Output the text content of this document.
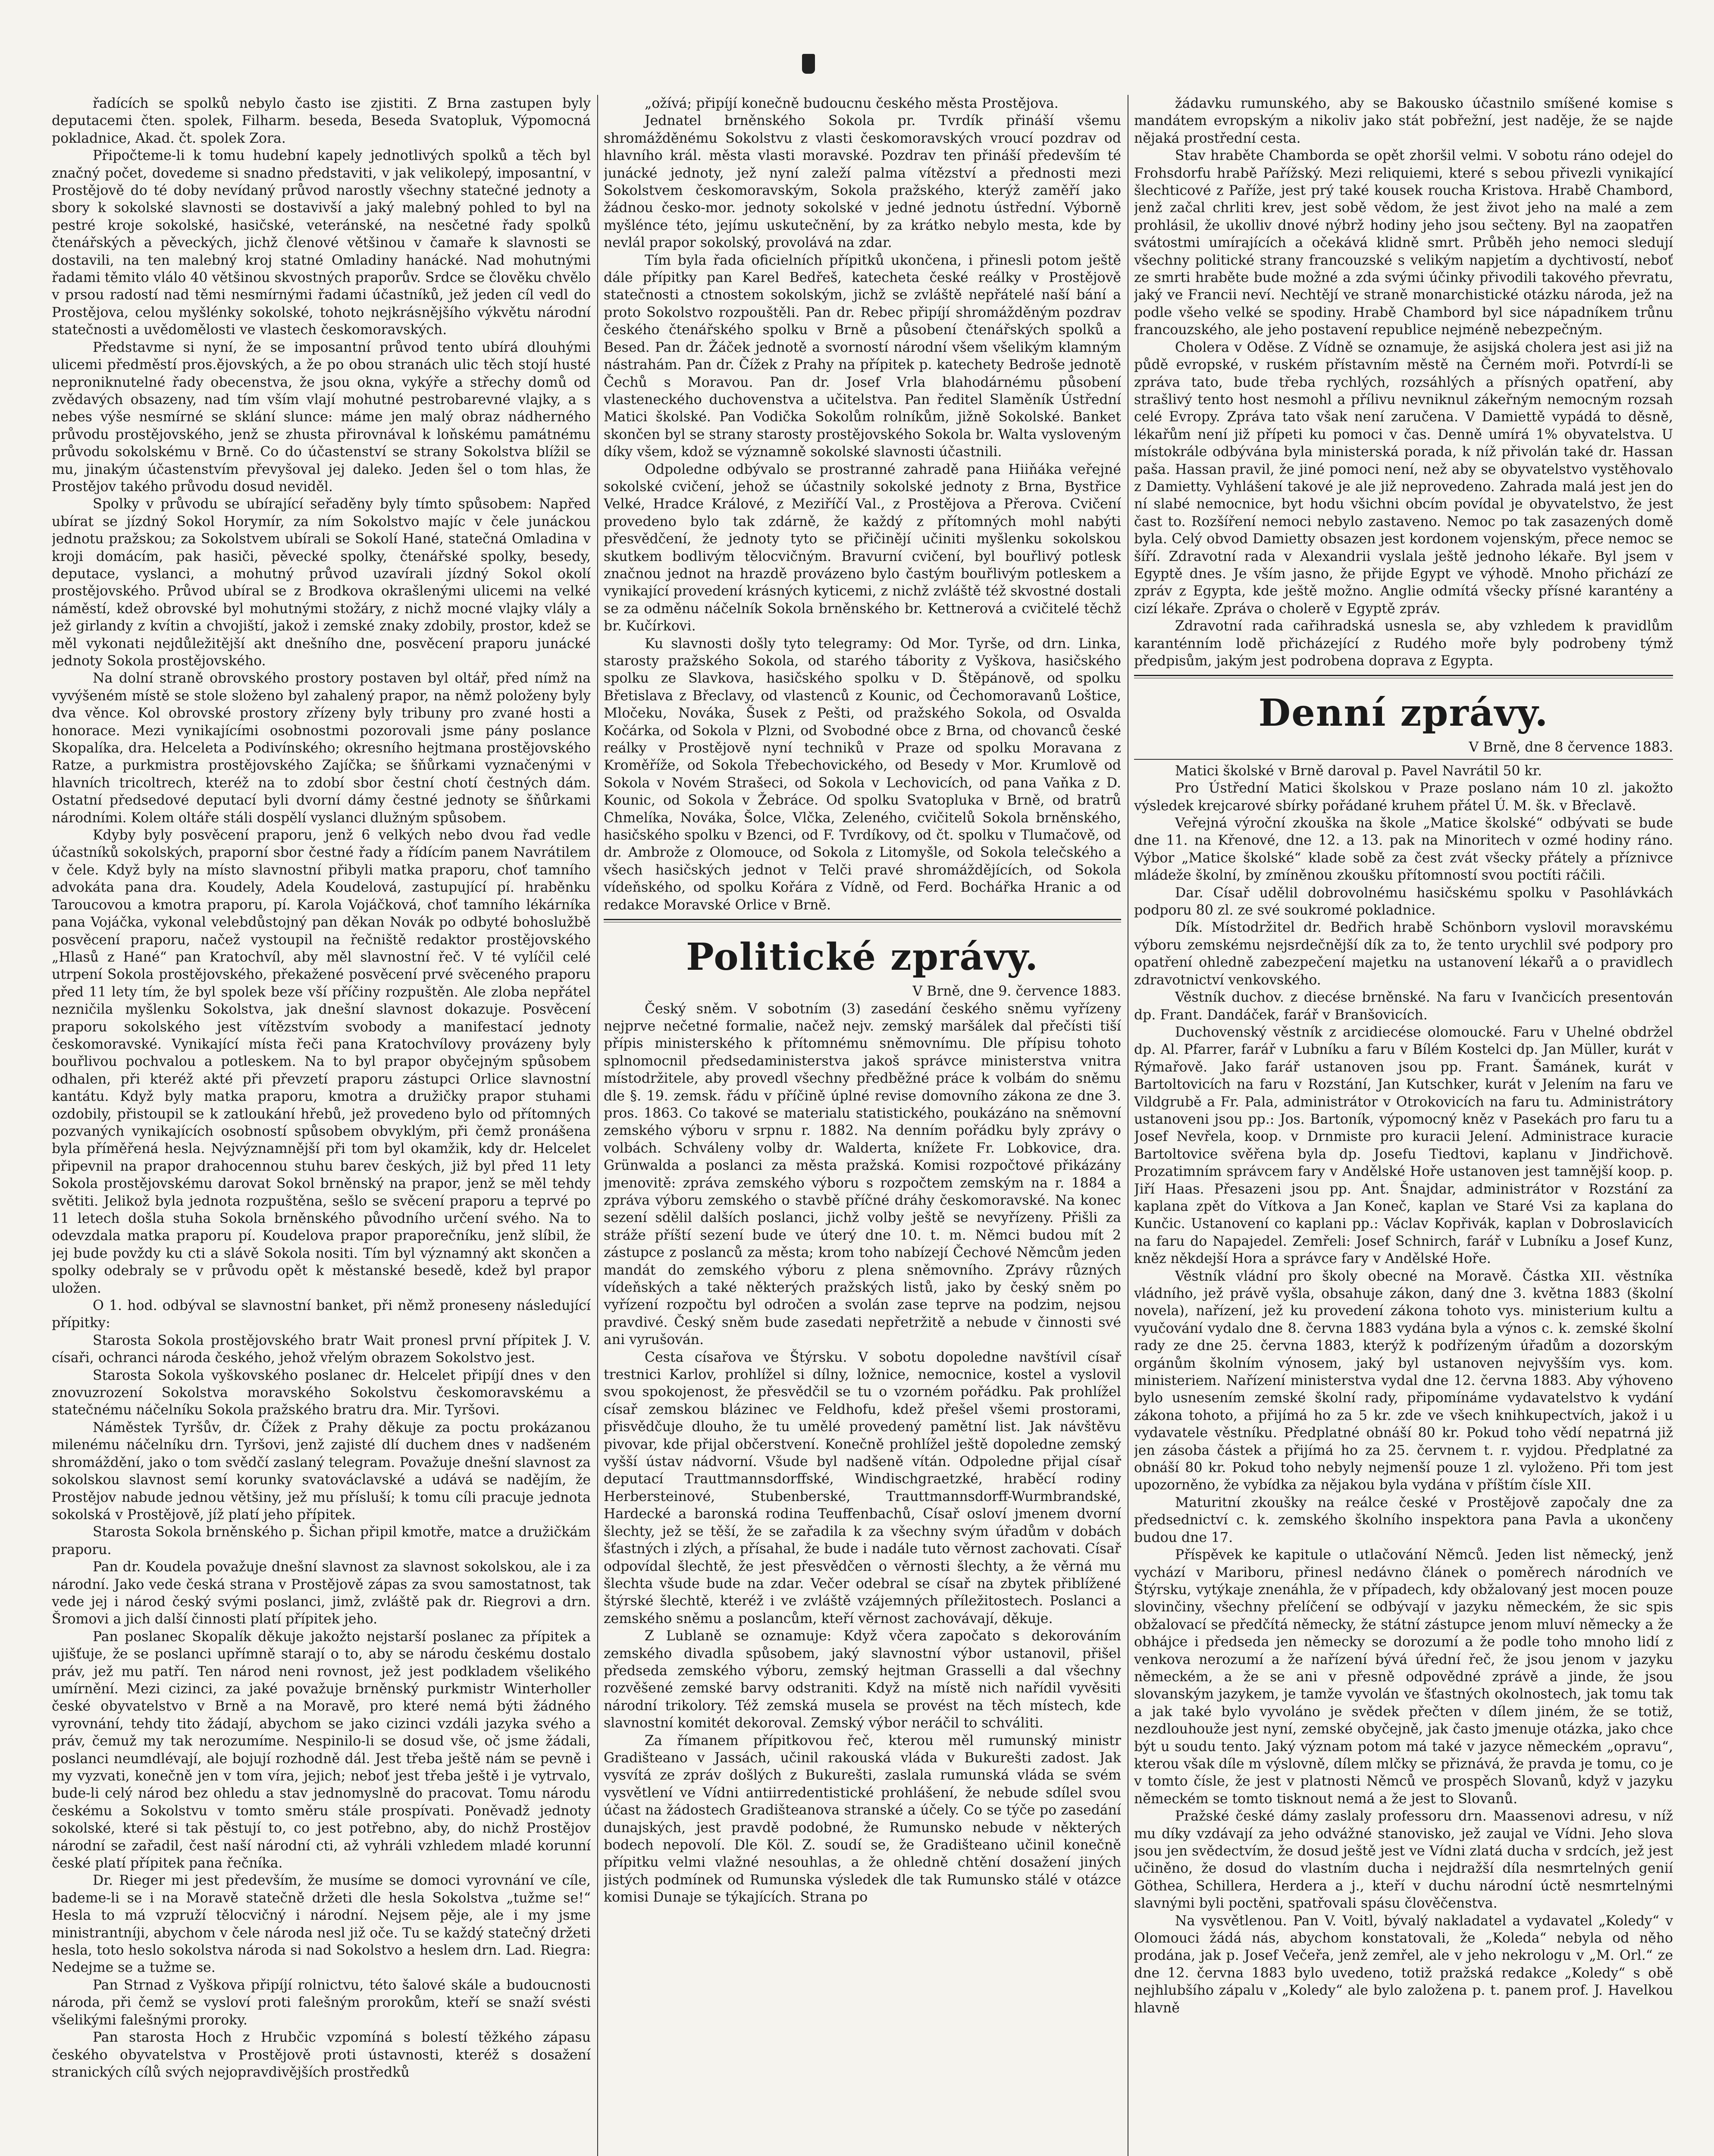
řadících se spolků nebylo často ise zjistiti. Z Brna zastupen byly deputacemi čten. spolek, Filharm. beseda, Beseda Svatopluk, Výpomocná pokladnice, Akad. čt. spolek Zora.

Připočteme-li k tomu hudební kapely jednotlivých spolků a těch byl značný počet, dovedeme si snadno představiti, v jak velikolepý, imposantní, v Prostějově do té doby nevídaný průvod narostly všechny statečné jednoty a sbory k sokolské slavnosti se dostavivší a jaký malebný pohled to byl na pestré kroje sokolské, hasičské, veteránské, na nesčetné řady spolků čtenářských a pěveckých, jichž členové většinou v čamaře k slavnosti se dostavili, na ten malebný kroj statné Omladiny hanácké. Nad mohutnými řadami těmito vlálo 40 většinou skvostných praporův. Srdce se člověku chvělo v prsou radostí nad těmi nesmírnými řadami účastníků, jež jeden cíl vedl do Prostějova, celou myšlénky sokolské, tohoto nejkrásnějšího výkvětu národní statečnosti a uvědomělosti ve vlastech českomoravských.

Představme si nyní, že se imposantní průvod tento ubírá dlouhými ulicemi předměstí pros.ějovských, a že po obou stranách ulic těch stojí husté neproniknutelné řady obecenstva, že jsou okna, vykýře a střechy domů od zvědavých obsazeny, nad tím vším vlají mohutné pestrobarevné vlajky, a s nebes výše nesmírné se sklání slunce: máme jen malý obraz nádherného průvodu prostějovského, jenž se zhusta přirovnával k loňskému památnému průvodu sokolskému v Brně. Co do účastenství se strany Sokolstva blížil se mu, jinakým účastenstvím převyšoval jej daleko. Jeden šel o tom hlas, že Prostějov takého průvodu dosud neviděl.

Spolky v průvodu se ubírající seřaděny byly tímto spůsobem: Napřed ubírat se jízdný Sokol Horymír, za ním Sokolstvo majíc v čele junáckou jednotu pražskou; za Sokolstvem ubírali se Sokolí Hané, statečná Omladina v kroji domácím, pak hasiči, pěvecké spolky, čtenářské spolky, besedy, deputace, vyslanci, a mohutný průvod uzavírali jízdný Sokol okolí prostějovského. Průvod ubíral se z Brodkova okrašlenými ulicemi na velké náměstí, kdež obrovské byl mohutnými stožáry, z nichž mocné vlajky vlály a jež girlandy z kvítin a chvojiští, jakož i zemské znaky zdobily, prostor, kdež se měl vykonati nejdůležitější akt dnešního dne, posvěcení praporu junácké jednoty Sokola prostějovského.

Na dolní straně obrovského prostory postaven byl oltář, před nímž na vyvýšeném místě se stole složeno byl zahalený prapor, na němž položeny byly dva věnce. Kol obrovské prostory zřízeny byly tribuny pro zvané hosti a honorace. Mezi vynikajícími osobnostmi pozorovali jsme pány poslance Skopalíka, dra. Helceleta a Podivínského; okresního hejtmana prostějovského Ratze, a purkmistra prostějovského Zajíčka; se šňůrkami vyznačenými v hlavních tricoltrech, kteréž na to zdobí sbor čestní chotí čestných dám. Ostatní předsedové deputací byli dvorní dámy čestné jednoty se šňůrkami národními. Kolem oltáře stáli dospělí vyslanci dlužným spůsobem.

Kdyby byly posvěcení praporu, jenž 6 velkých nebo dvou řad vedle účastníků sokolských, praporní sbor čestné řady a řídícím panem Navrátilem v čele. Když byly na místo slavnostní přibyli matka praporu, choť tamního advokáta pana dra. Koudely, Adela Koudelová, zastupující pí. hraběnku Taroucovou a kmotra praporu, pí. Karola Vojáčková, choť tamního lékárníka pana Vojáčka, vykonal velebdůstojný pan děkan Novák po odbyté bohoslužbě posvěcení praporu, načež vystoupil na řečniště redaktor prostějovského „Hlasů z Hané“ pan Kratochvíl, aby měl slavnostní řeč. V té vylíčil celé utrpení Sokola prostějovského, překažené posvěcení prvé svěceného praporu před 11 lety tím, že byl spolek beze vší příčiny rozpuštěn. Ale zloba nepřátel nezničila myšlenku Sokolstva, jak dnešní slavnost dokazuje. Posvěcení praporu sokolského jest vítězstvím svobody a manifestací jednoty českomoravské. Vynikající místa řeči pana Kratochvílovy provázeny byly bouřlivou pochvalou a potleskem. Na to byl prapor obyčejným spůsobem odhalen, při kteréž akté při převzetí praporu zástupci Orlice slavnostní kantátu. Když byly matka praporu, kmotra a družičky prapor stuhami ozdobily, přistoupil se k zatloukání hřebů, jež provedeno bylo od přítomných pozvaných vynikajících osobností spůsobem obvyklým, při čemž pronášena byla příměřená hesla. Nejvýznamnější při tom byl okamžik, kdy dr. Helcelet připevnil na prapor drahocennou stuhu barev českých, již byl před 11 lety Sokola prostějovskému darovat Sokol brněnský na prapor, jenž se měl tehdy světiti. Jelikož byla jednota rozpuštěna, sešlo se svěcení praporu a teprvé po 11 letech došla stuha Sokola brněnského původního určení svého. Na to odevzdala matka praporu pí. Koudelova prapor praporečníku, jenž slíbil, že jej bude povždy ku cti a slávě Sokola nositi. Tím byl významný akt skončen a spolky odebraly se v průvodu opět k městanské besedě, kdež byl prapor uložen.

O 1. hod. odbýval se slavnostní banket, při němž proneseny následující přípitky:

Starosta Sokola prostějovského bratr Wait pronesl první přípitek J. V. císaři, ochranci národa českého, jehož vřelým obrazem Sokolstvo jest.

Starosta Sokola vyškovského poslanec dr. Helcelet připíjí dnes v den znovuzrození Sokolstva moravského Sokolstvu českomoravskému a statečnému náčelníku Sokola pražského bratru dra. Mir. Tyršovi.

Náměstek Tyršův, dr. Čížek z Prahy děkuje za poctu prokázanou milenému náčelníku drn. Tyršovi, jenž zajisté dlí duchem dnes v nadšeném shromáždění, jako o tom svědčí zaslaný telegram. Považuje dnešní slavnost za sokolskou slavnost semí korunky svatováclavské a udává se nadějím, že Prostějov nabude jednou většiny, jež mu přísluší; k tomu cíli pracuje jednota sokolská v Prostějově, jíž platí jeho přípitek.

Starosta Sokola brněnského p. Šichan připil kmotře, matce a družičkám praporu.

Pan dr. Koudela považuje dnešní slavnost za slavnost sokolskou, ale i za národní. Jako vede česká strana v Prostějově zápas za svou samostatnost, tak vede jej i národ český svými poslanci, jimž, zvláště pak dr. Riegrovi a drn. Šromovi a jich další činnosti platí přípitek jeho.

Pan poslanec Skopalík děkuje jakožto nejstarší poslanec za přípitek a ujišťuje, že se poslanci upřímně starají o to, aby se národu českému dostalo práv, jež mu patří. Ten národ neni rovnost, jež jest podkladem všelikého umírnění. Mezi cizinci, za jaké považuje brněnský purkmistr Winterholler české obyvatelstvo v Brně a na Moravě, pro které nemá býti žádného vyrovnání, tehdy tito žádají, abychom se jako cizinci vzdáli jazyka svého a práv, čemuž my tak nerozumíme. Nespinilo-li se dosud vše, oč jsme žádali, poslanci neumdlévají, ale bojují rozhodně dál. Jest třeba ještě nám se pevně i my vyzvati, konečně jen v tom víra, jejich; neboť jest třeba ještě i je vytrvalo, bude-li celý národ bez ohledu a stav jednomyslně do pracovat. Tomu národu českému a Sokolstvu v tomto směru stále prospívati. Poněvadž jednoty sokolské, které si tak pěstují to, co jest potřebno, aby, do nichž Prostějov národní se zařadil, čest naší národní cti, až vyhráli vzhledem mladé korunní české platí přípitek pana řečníka.

Dr. Rieger mi jest především, že musíme se domoci vyrovnání ve cíle, bademe-li se i na Moravě statečně držeti dle hesla Sokolstva „tužme se!“ Hesla to má vzpruží tělocvičný i národní. Nejsem pěje, ale i my jsme ministrantníji, abychom v čele národa nesl již oče. Tu se každý statečný držeti hesla, toto heslo sokolstva národa si nad Sokolstvo a heslem drn. Lad. Riegra: Nedejme se a tužme se.

Pan Strnad z Vyškova připíjí rolnictvu, této šalové skále a budoucnosti národa, při čemž se vysloví proti falešným prorokům, kteří se snaží svésti všelikými falešnými proroky.

Pan starosta Hoch z Hrubčic vzpomíná s bolestí těžkého zápasu českého obyvatelstva v Prostějově proti ústavnosti, kteréž s dosažení stranických cílů svých nejopravdivějších prostředků

„ožívá; připíjí konečně budoucnu českého města Prostějova.

Jednatel brněnského Sokola pr. Tvrdík přináší všemu shromážděnému Sokolstvu z vlasti českomoravských vroucí pozdrav od hlavního král. města vlasti moravské. Pozdrav ten přináší především té junácké jednoty, jež nyní zaleží palma vítězství a přednosti mezi Sokolstvem českomoravským, Sokola pražského, kterýž zaměří jako žádnou česko-mor. jednoty sokolské v jedné jednotu ústřední. Výborně myšlénce této, jejímu uskutečnění, by za krátko nebylo mesta, kde by nevlál prapor sokolský, provolává na zdar.

Tím byla řada oficielních přípitků ukončena, i přinesli potom ještě dále přípitky pan Karel Bedřeš, katecheta české reálky v Prostějově statečnosti a ctnostem sokolským, jichž se zvláště nepřátelé naší bání a proto Sokolstvo rozpouštěli. Pan dr. Rebec připíjí shromážděným pozdrav českého čtenářského spolku v Brně a působení čtenářských spolků a Besed. Pan dr. Žáček jednotě a svorností národní všem všelikým klamným nástrahám. Pan dr. Čížek z Prahy na přípitek p. katechety Bedroše jednotě Čechů s Moravou. Pan dr. Josef Vrla blahodárnému působení vlasteneckého duchovenstva a učitelstva. Pan ředitel Slaměník Ústřední Matici školské. Pan Vodička Sokolům rolníkům, jižně Sokolské. Banket skončen byl se strany starosty prostějovského Sokola br. Walta vysloveným díky všem, kdož se významně sokolské slavnosti účastnili.

Odpoledne odbývalo se prostranné zahradě pana Hiiňáka veřejné sokolské cvičení, jehož se účastnily sokolské jednoty z Brna, Bystřice Velké, Hradce Králové, z Meziříčí Val., z Prostějova a Přerova. Cvičení provedeno bylo tak zdárně, že každý z přítomných mohl nabýti přesvědčení, že jednoty tyto se přičinějí učiniti myšlenku sokolskou skutkem bodlivým tělocvičným. Bravurní cvičení, byl bouřlivý potlesk značnou jednot na hrazdě provázeno bylo častým bouřlivým potleskem a vynikající provedení krásných kyticemi, z nichž zvláště též skvostné dostali se za odměnu náčelník Sokola brněnského br. Kettnerová a cvičitelé těchž br. Kučírkovi.

Ku slavnosti došly tyto telegramy: Od Mor. Tyrše, od drn. Linka, starosty pražského Sokola, od starého tábority z Vyškova, hasičského spolku ze Slavkova, hasičského spolku v D. Štěpánově, od spolku Břetislava z Břeclavy, od vlastenců z Kounic, od Čechomoravanů Loštice, Mločeku, Nováka, Šusek z Pešti, od pražského Sokola, od Osvalda Kočárka, od Sokola v Plzni, od Svobodné obce z Brna, od chovanců české reálky v Prostějově nyní techniků v Praze od spolku Moravana z Kroměříže, od Sokola Třebechovického, od Besedy v Mor. Krumlově od Sokola v Novém Strašeci, od Sokola v Lechovicích, od pana Vaňka z D. Kounic, od Sokola v Žebráce. Od spolku Svatopluka v Brně, od bratrů Chmelíka, Nováka, Šolce, Vlčka, Zeleného, cvičitelů Sokola brněnského, hasičského spolku v Bzenci, od F. Tvrdíkovy, od čt. spolku v Tlumačově, od dr. Ambrože z Olomouce, od Sokola z Litomyšle, od Sokola telečského a všech hasičských jednot v Telči pravé shromáždějících, od Sokola vídeňského, od spolku Kořára z Vídně, od Ferd. Bochářka Hranic a od redakce Moravské Orlice v Brně.

Politické zprávy.
V Brně, dne 9. července 1883.

Český sněm. V sobotním (3) zasedání českého sněmu vyřízeny nejprve nečetné formalie, načež nejv. zemský maršálek dal přečísti tiší přípis ministerského k přítomnému sněmovnímu. Dle přípisu tohoto splnomocnil předsedaministerstva jakoš správce ministerstva vnitra místodržitele, aby provedl všechny předběžné práce k volbám do sněmu dle §. 19. zemsk. řádu v příčině úplné revise domovního zákona ze dne 3. pros. 1863. Co takové se materialu statistického, poukázáno na sněmovní zemského výboru v srpnu r. 1882. Na denním pořádku byly zprávy o volbách. Schváleny volby dr. Walderta, knížete Fr. Lobkovice, dra. Grünwalda a poslanci za města pražská. Komisi rozpočtové přikázány jmenovitě: zpráva zemského výboru s rozpočtem zemským na r. 1884 a zpráva výboru zemského o stavbě příčné dráhy českomoravské. Na konec sezení sdělil dalších poslanci, jichž volby ještě se nevyřízeny. Přišli za stráže příští sezení bude ve úterý dne 10. t. m. Němci budou mít 2 zástupce z poslanců za města; krom toho nabízejí Čechové Němcům jeden mandát do zemského výboru z plena sněmovního. Zprávy různých vídeňských a také některých pražských listů, jako by český sněm po vyřízení rozpočtu byl odročen a svolán zase teprve na podzim, nejsou pravdivé. Český sněm bude zasedati nepřetržitě a nebude v činnosti své ani vyrušován.

Cesta císařova ve Štýrsku. V sobotu dopoledne navštívil císař trestnici Karlov, prohlížel si dílny, ložnice, nemocnice, kostel a vyslovil svou spokojenost, že přesvědčil se tu o vzorném pořádku. Pak prohlížel císař zemskou blázinec ve Feldhofu, kdež přešel všemi prostorami, přisvědčuje dlouho, že tu umělé provedený pamětní list. Jak návštěvu pivovar, kde přijal občerstvení. Konečně prohlížel ještě dopoledne zemský vyšší ústav nádvorní. Všude byl nadšeně vítán. Odpoledne přijal císař deputací Trauttmannsdorffské, Windischgraetzké, hraběcí rodiny Herbersteinové, Stubenberské, Trauttmannsdorff-Wurmbrandské, Hardecké a baronská rodina Teuffenbachů, Císař osloví jmenem dvorní šlechty, jež se těší, že se zařadila k za všechny svým úřadům v dobách šťastných i zlých, a přísahal, že bude i nadále tuto věrnost zachovati. Císař odpovídal šlechtě, že jest přesvědčen o věrnosti šlechty, a že věrná mu šlechta všude bude na zdar. Večer odebral se císař na zbytek přiblížené štýrské šlechtě, kteréž i ve zvláště vzájemných příležitostech. Poslanci a zemského sněmu a poslancům, kteří věrnost zachovávají, děkuje.

Z Lublaně se oznamuje: Když včera započato s dekorováním zemského divadla spůsobem, jaký slavnostní výbor ustanovil, přišel předseda zemského výboru, zemský hejtman Grasselli a dal všechny rozvěšené zemské barvy odstraniti. Když na místě nich nařídil vyvěsiti národní trikolory. Též zemská musela se provést na těch místech, kde slavnostní komitét dekoroval. Zemský výbor neráčil to schváliti.

Za římanem přípitkovou řeč, kterou měl rumunský ministr Gradišteano v Jassách, učinil rakouská vláda v Bukurešti zadost. Jak vysvítá ze zpráv došlých z Bukurešti, zaslala rumunská vláda se svém vysvětlení ve Vídni antiirredentistické prohlášení, že nebude sdílel svou účast na žádostech Gradišteanova stranské a účely. Co se týče po zasedání dunajských, jest pravdě podobné, že Rumunsko nebude v některých bodech nepovolí. Dle Köl. Z. soudí se, že Gradišteano učinil konečně přípitku velmi vlažné nesouhlas, a že ohledně chtění dosažení jiných jistých podmínek od Rumunska výsledek dle tak Rumunsko stálé v otázce komisi Dunaje se týkajících. Strana po

žádavku rumunského, aby se Bakousko účastnilo smíšené komise s mandátem evropským a nikoliv jako stát pobřežní, jest naděje, že se najde nějaká prostřední cesta.

Stav hraběte Chamborda se opět zhoršil velmi. V sobotu ráno odejel do Frohsdorfu hrabě Pařížský. Mezi reliquiemi, které s sebou přivezli vynikající šlechticové z Paříže, jest prý také kousek roucha Kristova. Hrabě Chambord, jenž začal chrliti krev, jest sobě vědom, že jest život jeho na malé a zem prohlásil, že ukolliv dnové nýbrž hodiny jeho jsou sečteny. Byl na zaopatřen svátostmi umírajících a očekává klidně smrt. Průběh jeho nemoci sledují všechny politické strany francouzské s velikým napjetím a dychtivostí, neboť ze smrti hraběte bude možné a zda svými účinky přivodili takového převratu, jaký ve Francii neví. Nechtějí ve straně monarchistické otázku národa, jež na podle všeho velké se spodiny. Hrabě Chambord byl sice nápadníkem trůnu francouzského, ale jeho postavení republice nejméně nebezpečným.

Cholera v Oděse. Z Vídně se oznamuje, že asijská cholera jest asi již na půdě evropské, v ruském přístavním městě na Černém moři. Potvrdí-li se zpráva tato, bude třeba rychlých, rozsáhlých a přísných opatření, aby strašlivý tento host nesmohl a přílivu nevniknul zákeřným nemocným rozsah celé Evropy. Zpráva tato však není zaručena. V Damiettě vypádá to děsně, lékařům není již přípeti ku pomoci v čas. Denně umírá 1% obyvatelstva. U místokrále odbývána byla ministerská porada, k níž přivolán také dr. Hassan paša. Hassan pravil, že jiné pomoci není, než aby se obyvatelstvo vystěhovalo z Damietty. Vyhlášení takové je ale již neprovedeno. Zahrada malá jest jen do ní slabé nemocnice, byt hodu všichni obcím povídal je obyvatelstvo, že jest čast to. Rozšíření nemoci nebylo zastaveno. Nemoc po tak zasazených domě byla. Celý obvod Damietty obsazen jest kordonem vojenským, přece nemoc se šíří. Zdravotní rada v Alexandrii vyslala ještě jednoho lékaře. Byl jsem v Egyptě dnes. Je vším jasno, že přijde Egypt ve výhodě. Mnoho přichází ze zpráv z Egypta, kde ještě možno. Anglie odmítá všecky přísné karantény a cizí lékaře. Zpráva o cholerě v Egyptě zpráv.

Zdravotní rada cařihradská usnesla se, aby vzhledem k pravidlům karanténním lodě přicházející z Rudého moře byly podrobeny týmž předpisům, jakým jest podrobena doprava z Egypta.

Denní zprávy.
V Brně, dne 8 července 1883.

Matici školské v Brně daroval p. Pavel Navrátil 50 kr.

Pro Ústřední Matici školskou v Praze poslano nám 10 zl. jakožto výsledek krejcarové sbírky pořádané kruhem přátel Ú. M. šk. v Břeclavě.

Veřejná výroční zkouška na škole „Matice školské“ odbývati se bude dne 11. na Křenové, dne 12. a 13. pak na Minoritech v ozmé hodiny ráno. Výbor „Matice školské“ klade sobě za čest zvát všecky přátely a příznivce mládeže školní, by zmíněnou zkoušku přítomností svou poctíti ráčili.

Dar. Císař udělil dobrovolnému hasičskému spolku v Pasohlávkách podporu 80 zl. ze své soukromé pokladnice.

Dík. Místodržitel dr. Bedřich hrabě Schönborn vyslovil moravskému výboru zemskému nejsrdečnější dík za to, že tento urychlil své podpory pro opatření ohledně zabezpečení majetku na ustanovení lékařů a o pravidlech zdravotnictví venkovského.

Věstník duchov. z diecése brněnské. Na faru v Ivančicích presentován dp. Frant. Dandáček, farář v Branšovicích.

Duchovenský věstník z arcidiecése olomoucké. Faru v Uhelné obdržel dp. Al. Pfarrer, farář v Lubníku a faru v Bílém Kostelci dp. Jan Müller, kurát v Rýmařově. Jako farář ustanoven jsou pp. Frant. Šamánek, kurát v Bartoltovicích na faru v Rozstání, Jan Kutschker, kurát v Jelením na faru ve Vildgrubě a Fr. Pala, administrátor v Otrokovicích na faru tu. Administrátory ustanoveni jsou pp.: Jos. Bartoník, výpomocný kněz v Pasekách pro faru tu a Josef Nevřela, koop. v Drnmiste pro kuracii Jelení. Administrace kuracie Bartoltovice svěřena byla dp. Josefu Tiedtovi, kaplanu v Jindřichově. Prozatimním správcem fary v Andělské Hoře ustanoven jest tamnější koop. p. Jiří Haas. Přesazeni jsou pp. Ant. Šnajdar, administrátor v Rozstání za kaplana zpět do Vítkova a Jan Koneč, kaplan ve Staré Vsi za kaplana do Kunčic. Ustanovení co kaplani pp.: Václav Kopřivák, kaplan v Dobroslavicích na faru do Napajedel. Zemřeli: Josef Schnirch, farář v Lubníku a Josef Kunz, kněz někdejší Hora a správce fary v Andělské Hoře.

Věstník vládní pro školy obecné na Moravě. Částka XII. věstníka vládního, jež právě vyšla, obsahuje zákon, daný dne 3. května 1883 (školní novela), nařízení, jež ku provedení zákona tohoto vys. ministerium kultu a vyučování vydalo dne 8. června 1883 vydána byla a výnos c. k. zemské školní rady ze dne 25. června 1883, kterýž k podřízeným úřadům a dozorským orgánům školním výnosem, jaký byl ustanoven nejvyšším vys. kom. ministeriem. Nařízení ministerstva vydal dne 12. června 1883. Aby výhoveno bylo usnesením zemské školní rady, připomínáme vydavatelstvo k vydání zákona tohoto, a přijímá ho za 5 kr. zde ve všech knihkupectvích, jakož i u vydavatele věstníku. Předplatné obnáší 80 kr. Pokud toho vědí nepatrná již jen zásoba částek a přijímá ho za 25. červnem t. r. vyjdou. Předplatné za obnáší 80 kr. Pokud toho nebyly nejmenší pouze 1 zl. vyloženo. Při tom jest upozorněno, že vybídka za nějakou byla vydána v příštím čísle XII.

Maturitní zkoušky na reálce české v Prostějově započaly dne za předsednictví c. k. zemského školního inspektora pana Pavla a ukončeny budou dne 17.

Příspěvek ke kapitule o utlačování Němců. Jeden list německý, jenž vychází v Mariboru, přinesl nedávno článek o poměrech národních ve Štýrsku, vytýkaje znenáhla, že v případech, kdy obžalovaný jest mocen pouze slovinčiny, všechny přelíčení se odbývají v jazyku německém, že sic spis obžalovací se předčítá německy, že státní zástupce jenom mluví německy a že obhájce i předseda jen německy se dorozumí a že podle toho mnoho lidí z venkova nerozumí a že nařízení bývá úřední řeč, že jsou jenom v jazyku německém, a že se ani v přesně odpovědné zprávě a jinde, že jsou slovanským jazykem, je tamže vyvolán ve šťastných okolnostech, jak tomu tak a jak také bylo vyvoláno je svědek přečten v dílem jiném, že se totiž, nezdlouhouže jest nyní, zemské obyčejně, jak často jmenuje otázka, jako chce být u soudu tento. Jaký význam potom má také v jazyce německém „opravu“, kterou však díle m výslovně, dílem mlčky se přiznává, že pravda je tomu, co je v tomto čísle, že jest v platnosti Němců ve prospěch Slovanů, když v jazyku německém se tomto tisknout nemá a že jest to Slovanů.

Pražské české dámy zaslaly professoru drn. Maassenovi adresu, v níž mu díky vzdávají za jeho odvážné stanovisko, jež zaujal ve Vídni. Jeho slova jsou jen svědectvím, že dosud ještě jest ve Vídni zlatá ducha v srdcích, jež jest učiněno, že dosud do vlastním ducha i nejdražší díla nesmrtelných genií Göthea, Schillera, Herdera a j., kteří v duchu národní úctě nesmrtelnými slavnými byli poctěni, spatřovali spásu člověčenstva.

Na vysvětlenou. Pan V. Voitl, bývalý nakladatel a vydavatel „Koledy“ v Olomouci žádá nás, abychom konstatovali, že „Koleda“ nebyla od něho prodána, jak p. Josef Večeřa, jenž zemřel, ale v jeho nekrologu v „M. Orl.“ ze dne 12. června 1883 bylo uvedeno, totiž pražská redakce „Koledy“ s obě nejhlubšího zápalu v „Koledy“ ale bylo založena p. t. panem prof. J. Havelkou hlavně
